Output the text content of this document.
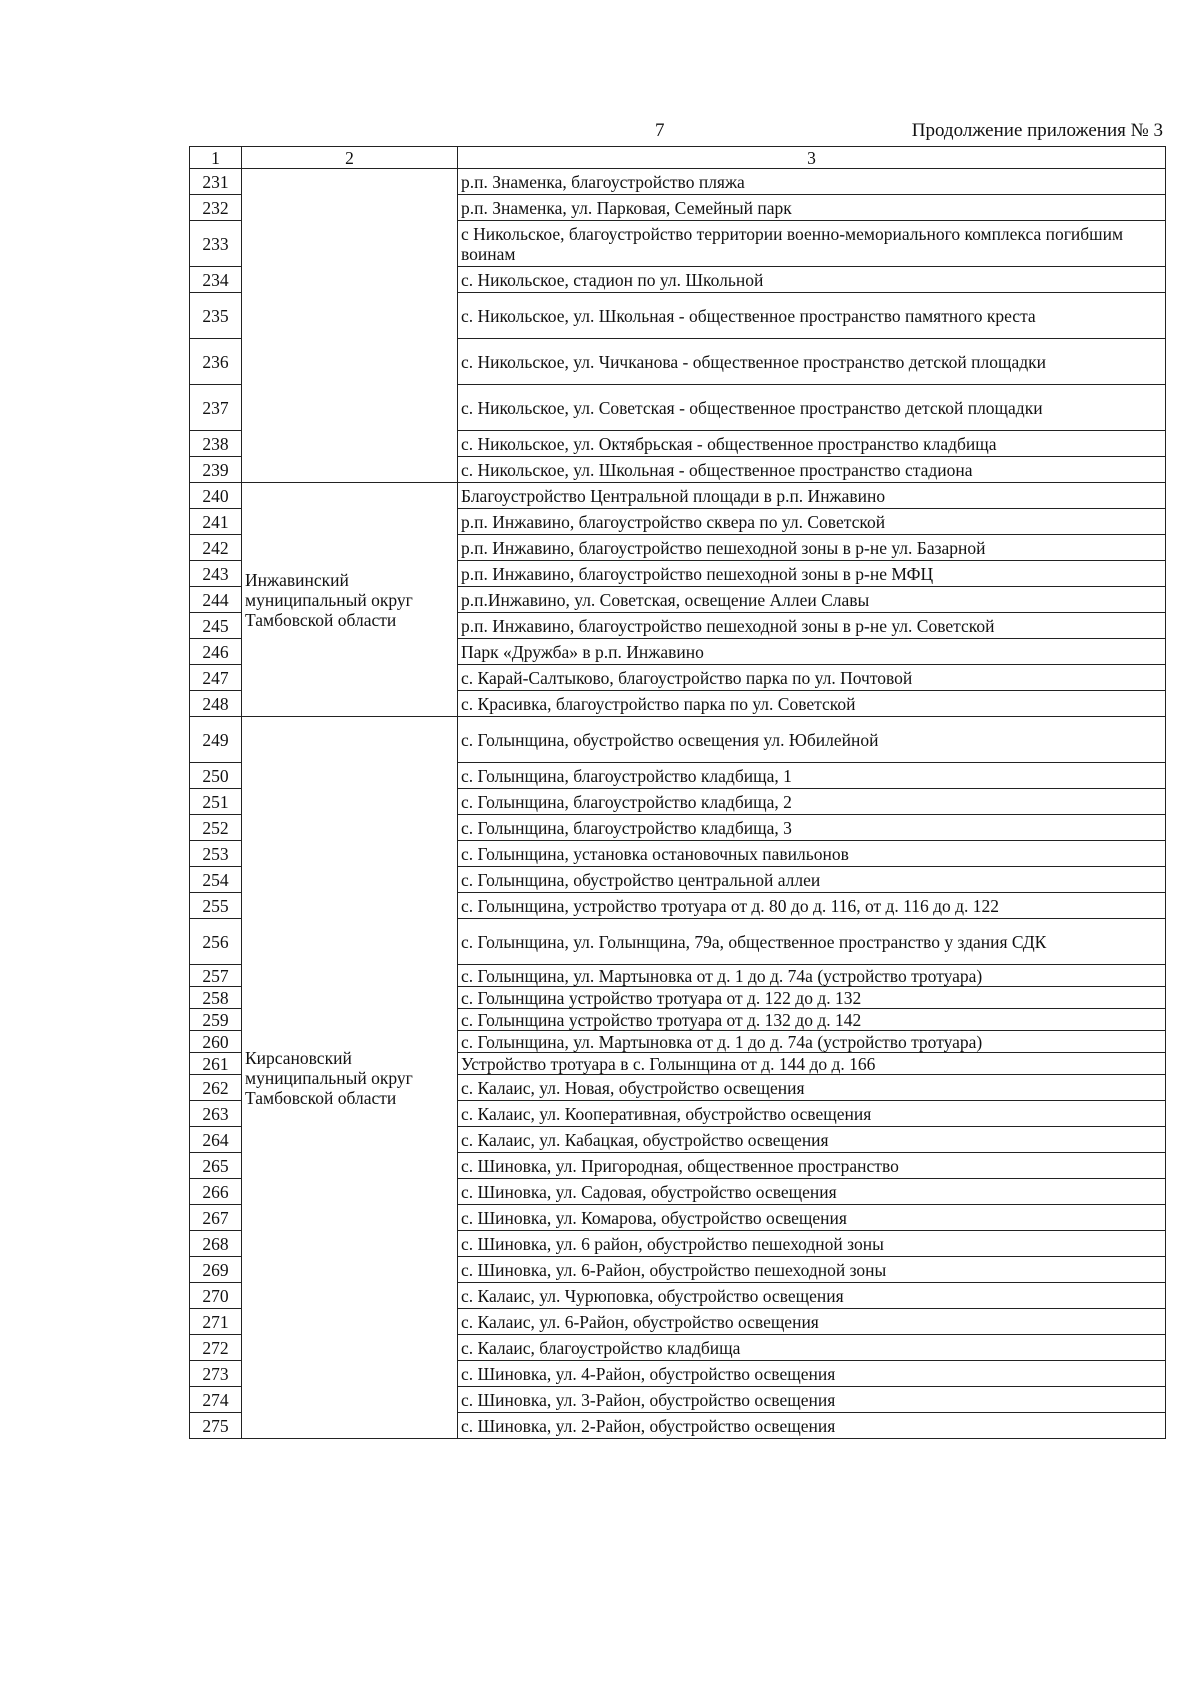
7	Продолжение приложения № 3
1	2	3
231		р.п. Знаменка, благоустройство пляжа
232		р.п. Знаменка, ул. Парковая, Семейный парк
233		с Никольское, благоустройство территории военно-мемориального комплекса погибшим воинам
234		с. Никольское, стадион по ул. Школьной
235		с. Никольское, ул. Школьная - общественное пространство памятного креста
236		с. Никольское, ул. Чичканова - общественное пространство детской площадки
237		с. Никольское, ул. Советская - общественное пространство детской площадки
238		с. Никольское, ул. Октябрьская - общественное пространство кладбища
239		с. Никольское, ул. Школьная - общественное пространство стадиона
240	Инжавинский муниципальный округ Тамбовской области	Благоустройство Центральной площади в р.п. Инжавино
241		р.п. Инжавино, благоустройство сквера по ул. Советской
242		р.п. Инжавино, благоустройство пешеходной зоны в р-не ул. Базарной
243		р.п. Инжавино, благоустройство пешеходной зоны в р-не МФЦ
244		р.п.Инжавино, ул. Советская, освещение Аллеи Славы
245		р.п. Инжавино, благоустройство пешеходной зоны в р-не ул. Советской
246		Парк «Дружба» в р.п. Инжавино
247		с. Карай-Салтыково, благоустройство парка по ул. Почтовой
248		с. Красивка, благоустройство парка по ул. Советской
249	Кирсановский муниципальный округ Тамбовской области	с. Голынщина, обустройство освещения ул. Юбилейной
250		с. Голынщина, благоустройство кладбища, 1
251		с. Голынщина, благоустройство кладбища, 2
252		с. Голынщина, благоустройство кладбища, 3
253		с. Голынщина, установка остановочных павильонов
254		с. Голынщина, обустройство центральной аллеи
255		с. Голынщина, устройство тротуара от д. 80 до д. 116, от д. 116 до д. 122
256		с. Голынщина, ул. Голынщина, 79а, общественное пространство у здания СДК
257		с. Голынщина, ул. Мартыновка от д. 1 до д. 74а (устройство тротуара)
258		с. Голынщина устройство тротуара от д. 122 до д. 132
259		с. Голынщина устройство тротуара от д. 132 до д. 142
260		с. Голынщина, ул. Мартыновка от д. 1 до д. 74а (устройство тротуара)
261		Устройство тротуара в с. Голынщина от д. 144 до д. 166
262		с. Калаис, ул. Новая, обустройство освещения
263		с. Калаис, ул. Кооперативная, обустройство освещения
264		с. Калаис, ул. Кабацкая, обустройство освещения
265		с. Шиновка, ул. Пригородная, общественное пространство
266		с. Шиновка, ул. Садовая, обустройство освещения
267		с. Шиновка, ул. Комарова, обустройство освещения
268		с. Шиновка, ул. 6 район, обустройство пешеходной зоны
269		с. Шиновка, ул. 6-Район, обустройство пешеходной зоны
270		с. Калаис, ул. Чурюповка, обустройство освещения
271		с. Калаис, ул. 6-Район, обустройство освещения
272		с. Калаис, благоустройство кладбища
273		с. Шиновка, ул. 4-Район, обустройство освещения
274		с. Шиновка, ул. 3-Район, обустройство освещения
275		с. Шиновка, ул. 2-Район, обустройство освещения
